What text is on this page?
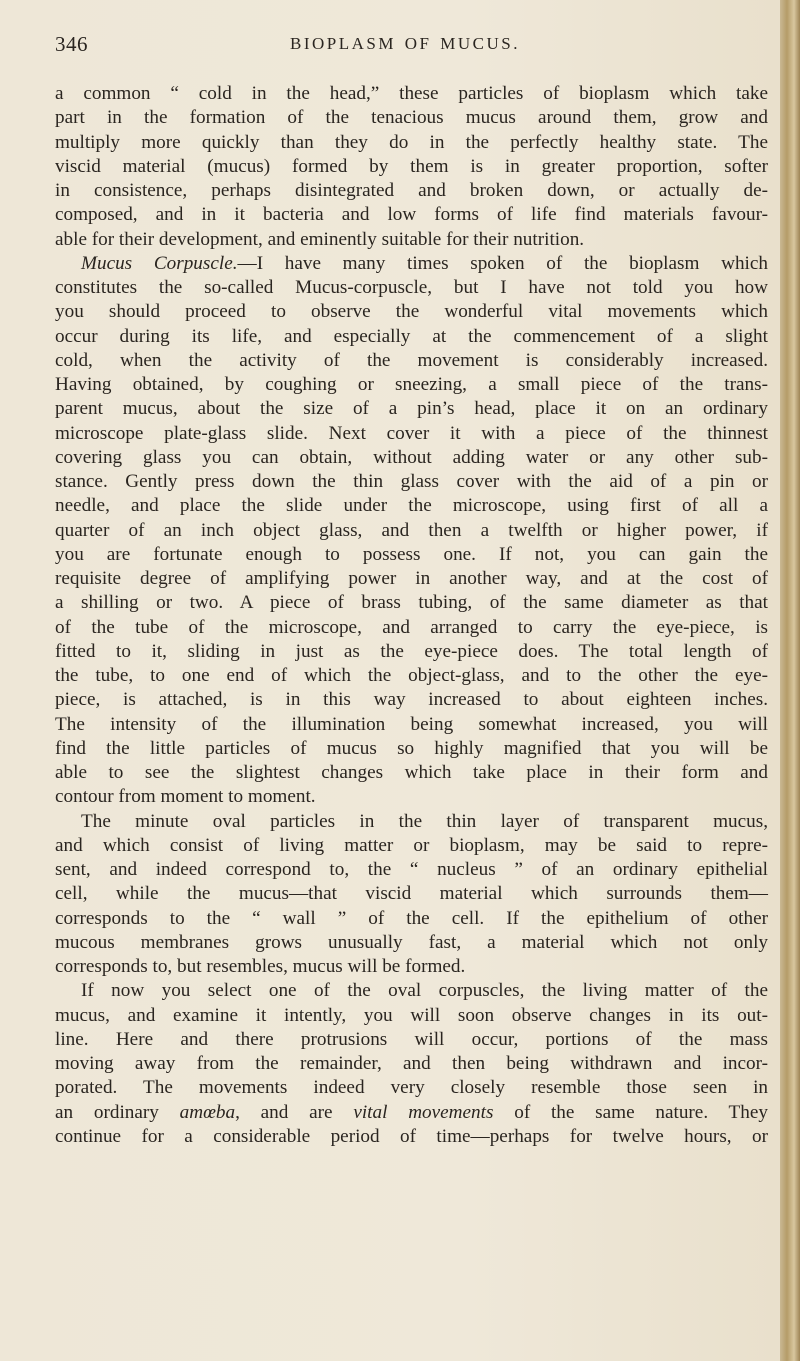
346	BIOPLASM OF MUCUS.
a common “ cold in the head,” these particles of bioplasm which take
part in the formation of the tenacious mucus around them, grow and
multiply more quickly than they do in the perfectly healthy state. The
viscid material (mucus) formed by them is in greater proportion, softer
in consistence, perhaps disintegrated and broken down, or actually de-
composed, and in it bacteria and low forms of life find materials favour-
able for their development, and eminently suitable for their nutrition.
Mucus Corpuscle.—I have many times spoken of the bioplasm which
constitutes the so-called Mucus-corpuscle, but I have not told you how
you should proceed to observe the wonderful vital movements which
occur during its life, and especially at the commencement of a slight
cold, when the activity of the movement is considerably increased.
Having obtained, by coughing or sneezing, a small piece of the trans-
parent mucus, about the size of a pin’s head, place it on an ordinary
microscope plate-glass slide. Next cover it with a piece of the thinnest
covering glass you can obtain, without adding water or any other sub-
stance. Gently press down the thin glass cover with the aid of a pin or
needle, and place the slide under the microscope, using first of all a
quarter of an inch object glass, and then a twelfth or higher power, if
you are fortunate enough to possess one. If not, you can gain the
requisite degree of amplifying power in another way, and at the cost of
a shilling or two. A piece of brass tubing, of the same diameter as that
of the tube of the microscope, and arranged to carry the eye-piece, is
fitted to it, sliding in just as the eye-piece does. The total length of
the tube, to one end of which the object-glass, and to the other the eye-
piece, is attached, is in this way increased to about eighteen inches.
The intensity of the illumination being somewhat increased, you will
find the little particles of mucus so highly magnified that you will be
able to see the slightest changes which take place in their form and
contour from moment to moment.
The minute oval particles in the thin layer of transparent mucus,
and which consist of living matter or bioplasm, may be said to repre-
sent, and indeed correspond to, the “ nucleus ” of an ordinary epithelial
cell, while the mucus—that viscid material which surrounds them—
corresponds to the “ wall ” of the cell. If the epithelium of other
mucous membranes grows unusually fast, a material which not only
corresponds to, but resembles, mucus will be formed.
If now you select one of the oval corpuscles, the living matter of the
mucus, and examine it intently, you will soon observe changes in its out-
line. Here and there protrusions will occur, portions of the mass
moving away from the remainder, and then being withdrawn and incor-
porated. The movements indeed very closely resemble those seen in
an ordinary amœba, and are vital movements of the same nature. They
continue for a considerable period of time—perhaps for twelve hours, or
